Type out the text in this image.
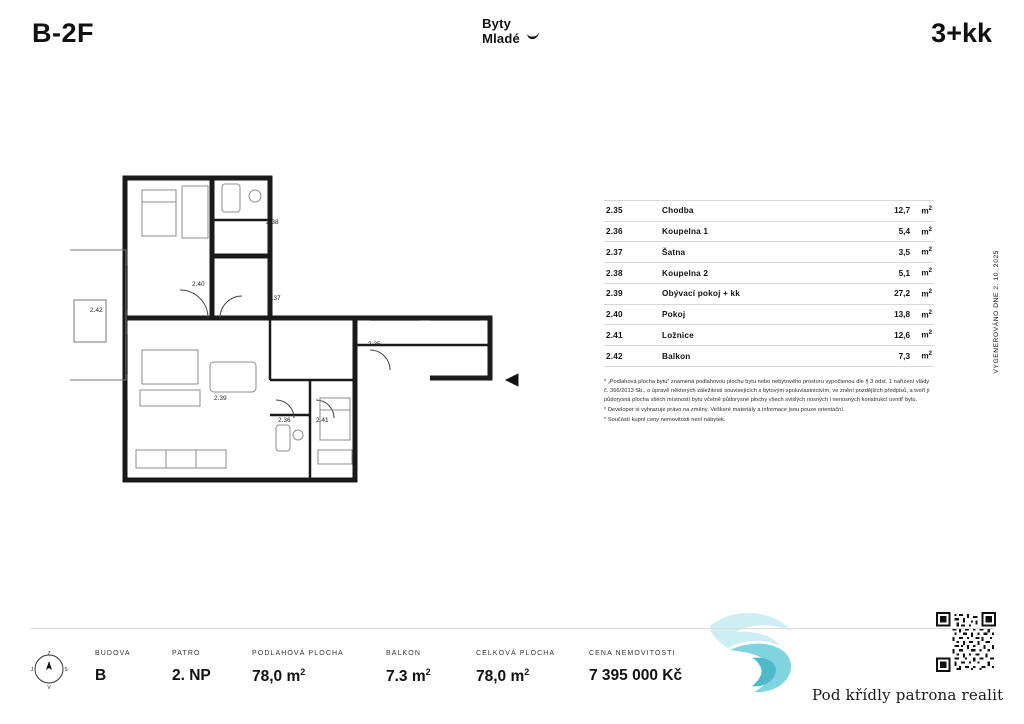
B-2F	Byty
Mladé	3+kk
2.40
2.38
2.37
2.42
2.35
2.39
2.36	2.41
2.35	Chodba	12,7	$m^2$
2.36	Koupelna 1	5,4	$m^2$
2.37	Šatna	3,5	$m^2$
2.38	Koupelna 2	5,1	$m^2$
2.39	Obývací pokoj + kk	27,2	$m^2$
2.40	Pokoj	13,8	$m^2$
2.41	Ložnice	12,6	$m^2$
2.42	Balkon	7,3	$m^2$

* „Podlahová plocha bytu“ znamená podlahovou plochu bytu nebo nebytového prostoru vypočtenou dle § 3 odst. 1 nařízení vlády č. 366/2013 Sb., o úpravě některých záležitostí souvisejících s bytovým spoluvlastnictvím, ve znění pozdějších předpisů, a tvoří ji půdorysná plocha všech místností bytu včetně půdorysné plochy všech svislých nosných i nenosných konstrukcí uvnitř bytu.

* Developer si vyhrazuje právo na změny. Veškeré materiály a informace jsou pouze orientační.

* Součástí kupní ceny nemovitosti není nábytek.

VYGENEROVÁNO DNE 2. 10. 2025
Pod křídly patrona realit
Z
S
V
J
BUDOVA
B
PATRO
2. NP
PODLAHOVÁ PLOCHA
78,0 $m^2$
BALKON
7.3 $m^2$
CELKOVÁ PLOCHA
78,0 $m^2$
CENA NEMOVITOSTI
7 395 000 Kč
